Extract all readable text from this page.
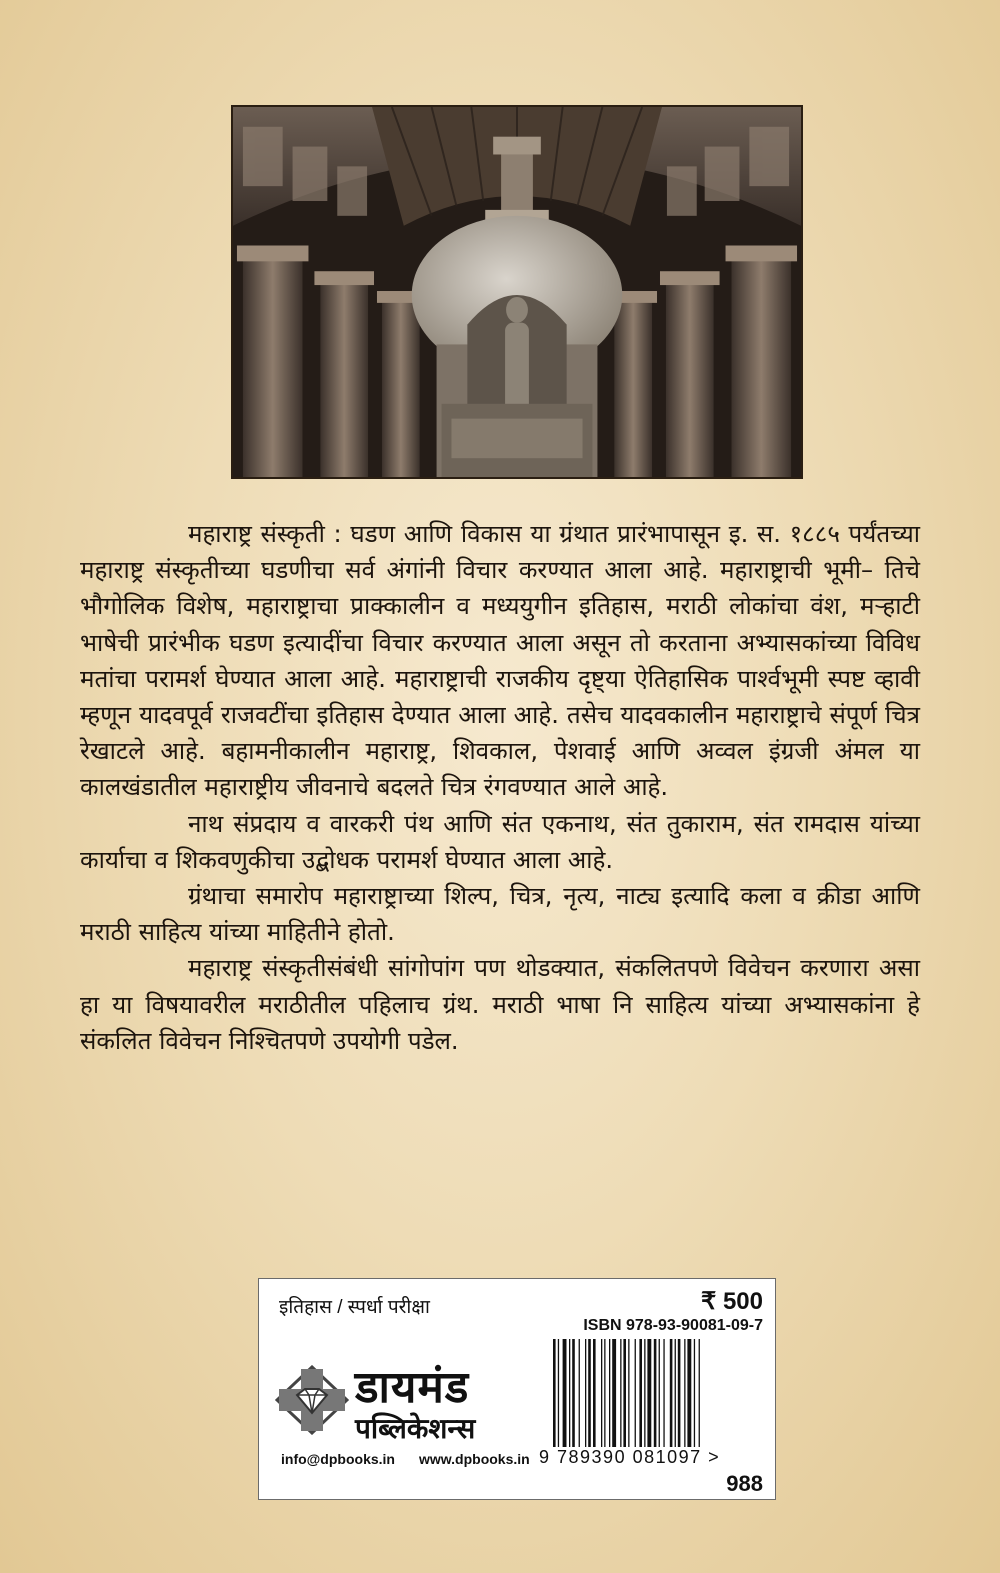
महाराष्ट्र संस्कृती : घडण आणि विकास या ग्रंथात प्रारंभापासून इ. स. १८८५ पर्यंतच्या महाराष्ट्र संस्कृतीच्या घडणीचा सर्व अंगांनी विचार करण्यात आला आहे. महाराष्ट्राची भूमी– तिचे भौगोलिक विशेष, महाराष्ट्राचा प्राक्कालीन व मध्ययुगीन इतिहास, मराठी लोकांचा वंश, मऱ्हाटी भाषेची प्रारंभीक घडण इत्यादींचा विचार करण्यात आला असून तो करताना अभ्यासकांच्या विविध मतांचा परामर्श घेण्यात आला आहे. महाराष्ट्राची राजकीय दृष्ट्या ऐतिहासिक पार्श्वभूमी स्पष्ट व्हावी म्हणून यादवपूर्व राजवटींचा इतिहास देण्यात आला आहे. तसेच यादवकालीन महाराष्ट्राचे संपूर्ण चित्र रेखाटले आहे. बहामनीकालीन महाराष्ट्र, शिवकाल, पेशवाई आणि अव्वल इंग्रजी अंमल या कालखंडातील महाराष्ट्रीय जीवनाचे बदलते चित्र रंगवण्यात आले आहे.

नाथ संप्रदाय व वारकरी पंथ आणि संत एकनाथ, संत तुकाराम, संत रामदास यांच्या कार्याचा व शिकवणुकीचा उद्बोधक परामर्श घेण्यात आला आहे.

ग्रंथाचा समारोप महाराष्ट्राच्या शिल्प, चित्र, नृत्य, नाट्य इत्यादि कला व क्रीडा आणि मराठी साहित्य यांच्या माहितीने होतो.

महाराष्ट्र संस्कृतीसंबंधी सांगोपांग पण थोडक्यात, संकलितपणे विवेचन करणारा असा हा या विषयावरील मराठीतील पहिलाच ग्रंथ. मराठी भाषा नि साहित्य यांच्या अभ्यासकांना हे संकलित विवेचन निश्चितपणे उपयोगी पडेल.

इतिहास / स्पर्धा परीक्षा	₹ 500
ISBN 978-93-90081-09-7
डायमंड
पब्लिकेशन्स
info@dpbooks.in www.dpbooks.in 9 789390 081097 >
988
